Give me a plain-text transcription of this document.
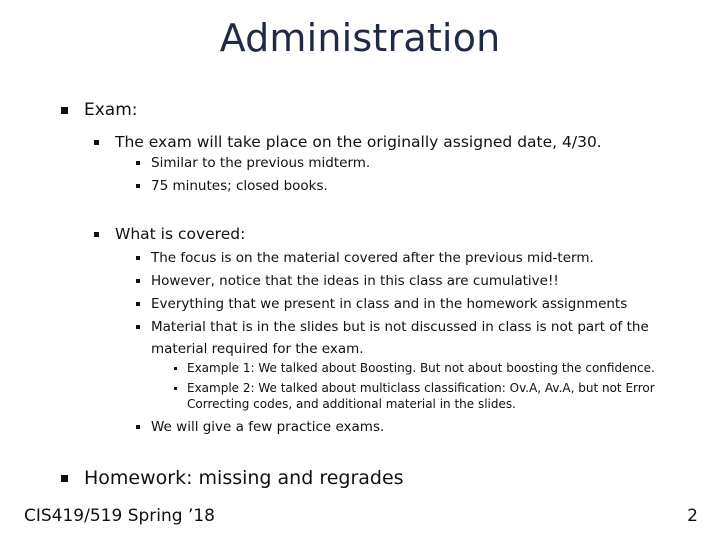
Administration
Exam:
The exam will take place on the originally assigned date, 4/30.
Similar to the previous midterm.
75 minutes; closed books.
What is covered:
The focus is on the material covered after the previous mid-term.
However, notice that the ideas in this class are cumulative!!
Everything that we present in class and in the homework assignments
Material that is in the slides but is not discussed in class is not part of the material required for the exam.
Example 1: We talked about Boosting. But not about boosting the confidence.
Example 2: We talked about multiclass classification: Ov.A, Av.A, but not Error Correcting codes, and additional material in the slides.
We will give a few practice exams.
Homework: missing and regrades
CIS419/519 Spring ’18	2
